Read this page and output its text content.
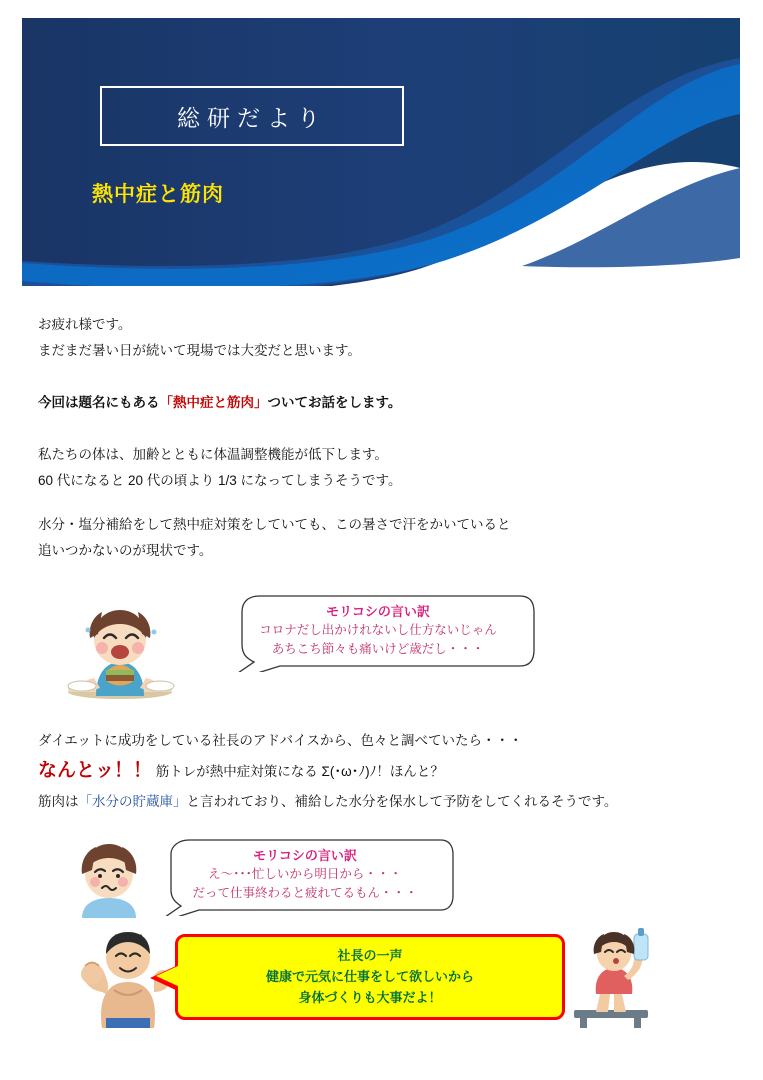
総研だより
熱中症と筋肉
お疲れ様です。
まだまだ暑い日が続いて現場では大変だと思います。
今回は題名にもある「熱中症と筋肉」ついてお話をします。
私たちの体は、加齢とともに体温調整機能が低下します。
60 代になると 20 代の頃より 1/3 になってしまうそうです。
水分・塩分補給をして熱中症対策をしていても、この暑さで汗をかいていると
追いつかないのが現状です。
モリコシの言い訳
コロナだし出かけれないし仕方ないじゃん
あちこち節々も痛いけど歳だし・・・
ダイエットに成功をしている社長のアドバイスから、色々と調べていたら・・・
なんとッ！！ 筋トレが熱中症対策になる Σ(･ω･ﾉ)ﾉ！ほんと？
筋肉は「水分の貯蔵庫」と言われており、補給した水分を保水して予防をしてくれるそうです。
モリコシの言い訳
え～･･･忙しいから明日から・・・
だって仕事終わると疲れてるもん・・・
社長の一声
健康で元気に仕事をして欲しいから
身体づくりも大事だよ！
